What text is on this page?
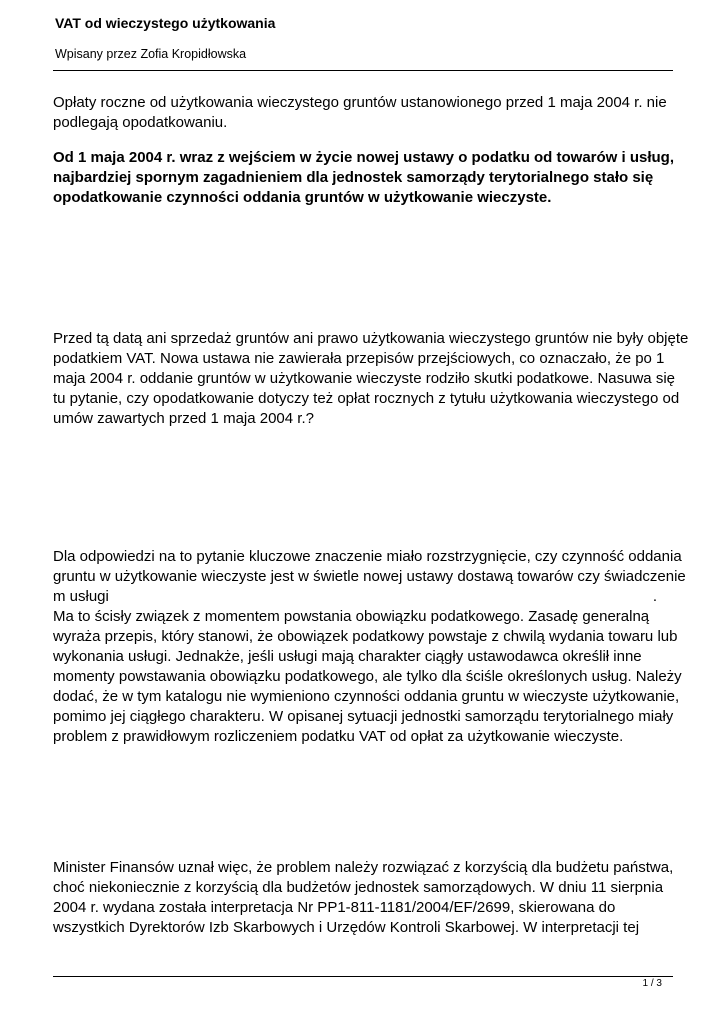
VAT od wieczystego użytkowania
Wpisany przez Zofia Kropidłowska

Opłaty roczne od użytkowania wieczystego gruntów ustanowionego przed 1 maja 2004 r. nie
podlegają opodatkowaniu.

Od 1 maja 2004 r. wraz z wejściem w życie nowej ustawy o podatku od towarów i usług,
najbardziej spornym zagadnieniem dla jednostek samorządy terytorialnego stało się
opodatkowanie czynności oddania gruntów w użytkowanie wieczyste.

Przed tą datą ani sprzedaż gruntów ani prawo użytkowania wieczystego gruntów nie były objęte
podatkiem VAT. Nowa ustawa nie zawierała przepisów przejściowych, co oznaczało, że po 1
maja 2004 r. oddanie gruntów w użytkowanie wieczyste rodziło skutki podatkowe. Nasuwa się
tu pytanie, czy opodatkowanie dotyczy też opłat rocznych z tytułu użytkowania wieczystego od
umów zawartych przed 1 maja 2004 r.?

Dla odpowiedzi na to pytanie kluczowe znaczenie miało rozstrzygnięcie, czy czynność oddania
gruntu w użytkowanie wieczyste jest w świetle nowej ustawy dostawą towarów czy świadczenie
m usługi	.
Ma to ścisły związek z momentem powstania obowiązku podatkowego. Zasadę generalną
wyraża przepis, który stanowi, że obowiązek podatkowy powstaje z chwilą wydania towaru lub
wykonania usługi. Jednakże, jeśli usługi mają charakter ciągły ustawodawca określił inne
momenty powstawania obowiązku podatkowego, ale tylko dla ściśle określonych usług. Należy
dodać, że w tym katalogu nie wymieniono czynności oddania gruntu w wieczyste użytkowanie,
pomimo jej ciągłego charakteru. W opisanej sytuacji jednostki samorządu terytorialnego miały
problem z prawidłowym rozliczeniem podatku VAT od opłat za użytkowanie wieczyste.

Minister Finansów uznał więc, że problem należy rozwiązać z korzyścią dla budżetu państwa,
choć niekoniecznie z korzyścią dla budżetów jednostek samorządowych. W dniu 11 sierpnia
2004 r. wydana została interpretacja Nr PP1-811-1181/2004/EF/2699, skierowana do
wszystkich Dyrektorów Izb Skarbowych i Urzędów Kontroli Skarbowej. W interpretacji tej

1 / 3
